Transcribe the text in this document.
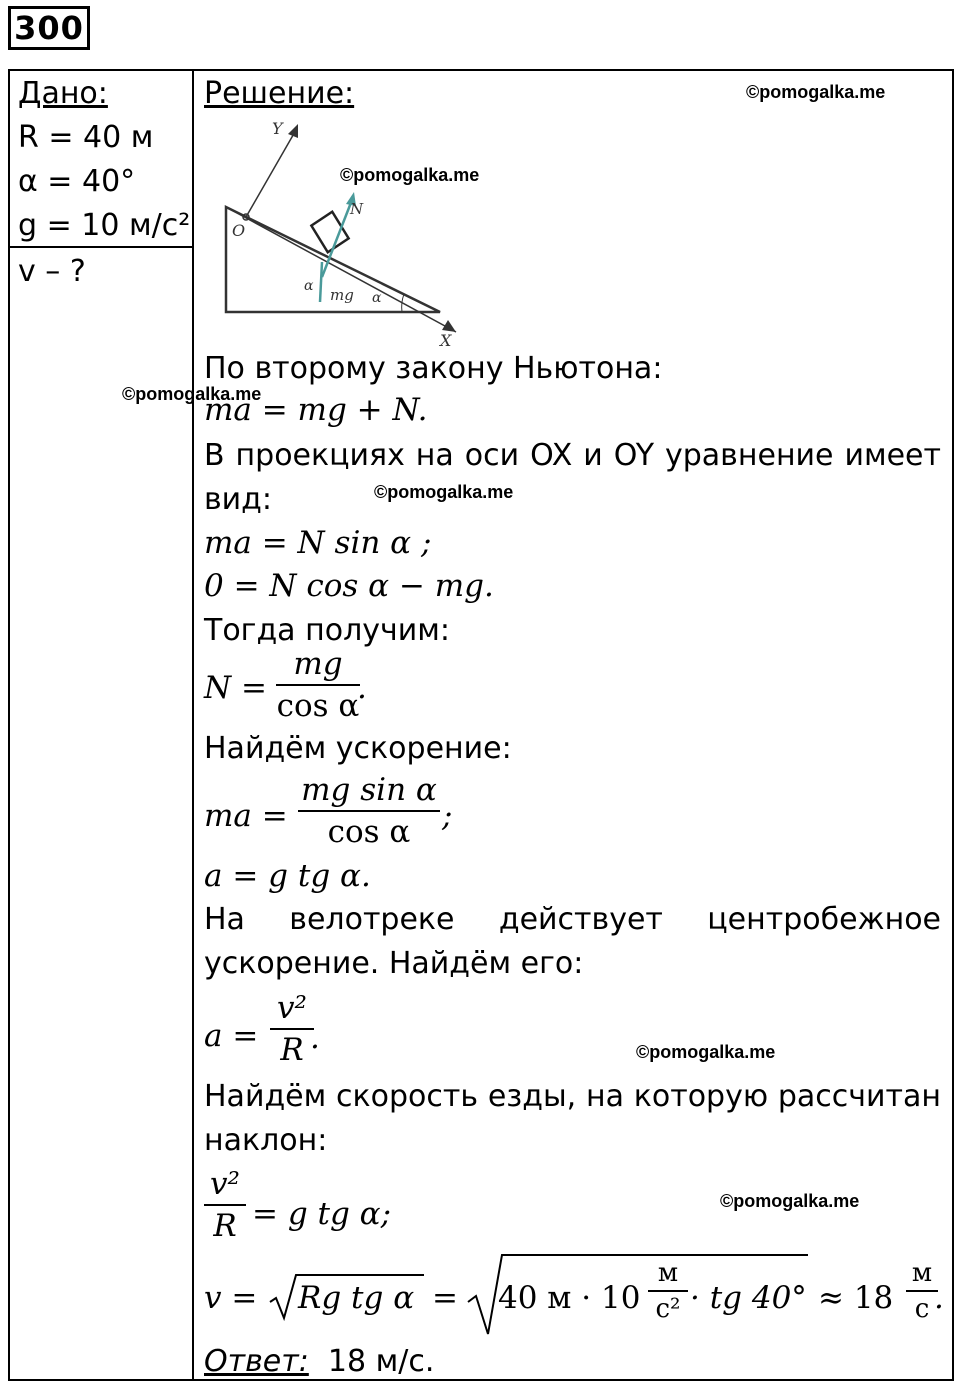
300
Дано:
R = 40 м
α = 40°
g = 10 м/с²
v – ?
Решение:
Y
X
O
N
mg
α
α
По второму закону Ньютона:
ma = mg + N.
В проекциях на оси OX и OY уравнение имеет
вид:
ma = N sin α ;
0 = N cos α − mg.
Тогда получим:
N =
mg
cos α
.
Найдём ускорение:
ma =
mg sin α
cos α	;
a = g tg α.
На велотреке действует центробежное
ускорение. Найдём его:
a =
v²
R .
Найдём скорость езды, на которую рассчитан
наклон:
v²
R = g tg α;
v = Rg tg α = 40 м · 10
м
с² · tg 40° ≈ 18
м
с .
Ответ: 18 м/с.
©pomogalka.me
©pomogalka.me
©pomogalka.me
©pomogalka.me
©pomogalka.me
©pomogalka.me
